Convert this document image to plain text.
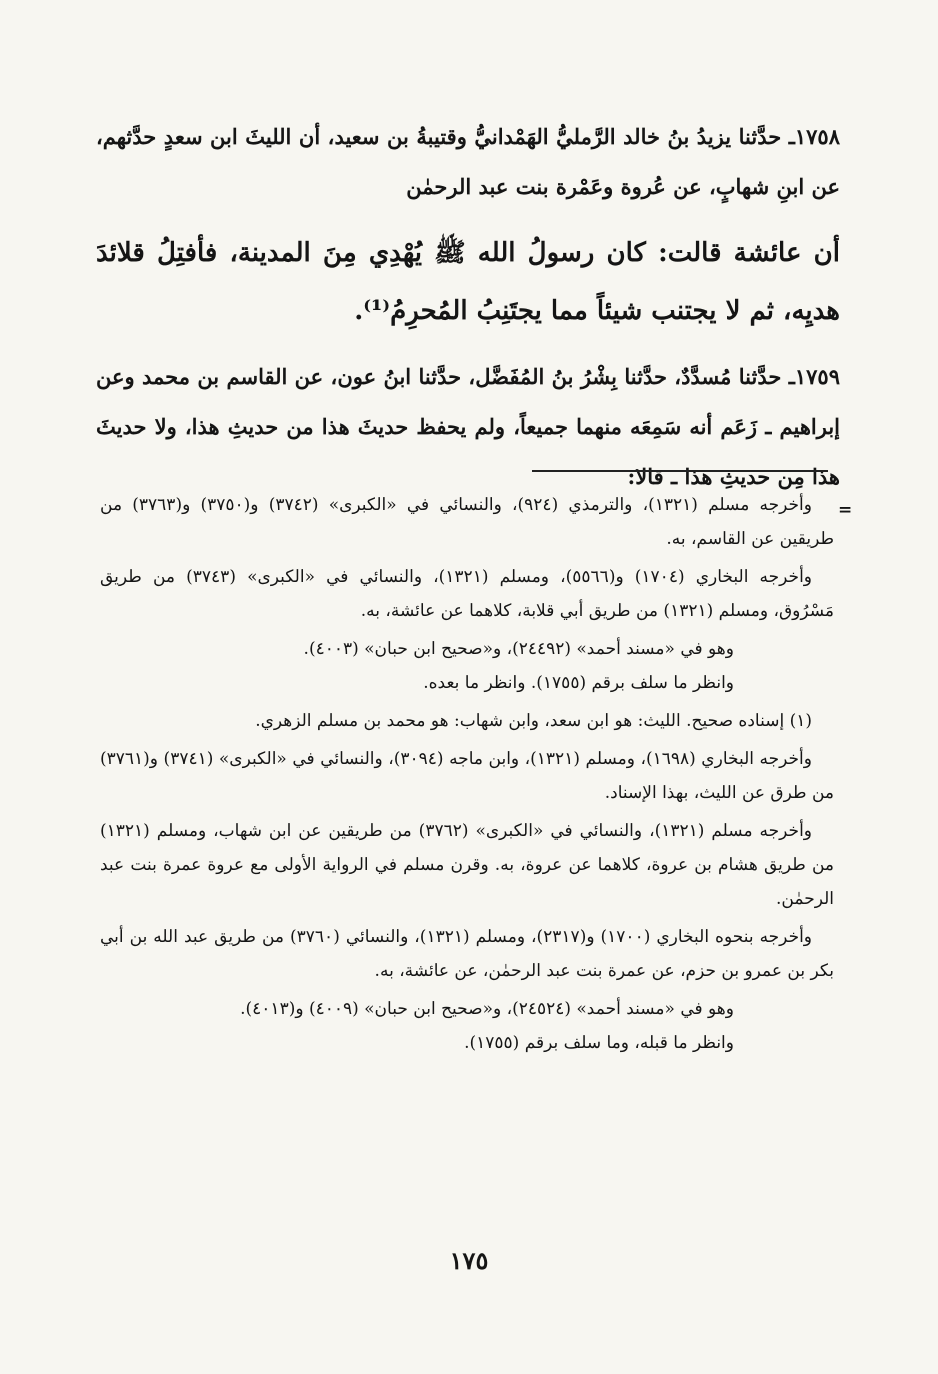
١٧٥٨ـ حدَّثنا يزيدُ بنُ خالد الرَّمليُّ الهَمْدانيُّ وقتيبةُ بن سعيد، أن الليثَ ابن سعدٍ حدَّثهم، عن ابنِ شهابٍ، عن عُروة وعَمْرة بنت عبد الرحمٰن

أن عائشة قالت: كان رسولُ الله ﷺ يُهْدِي مِنَ المدينة، فأفتِلُ قلائدَ هديِه، ثم لا يجتنب شيئاً مما يجتَنِبُ المُحرِمُ⁽¹⁾.

١٧٥٩ـ حدَّثنا مُسدَّدٌ، حدَّثنا بِشْرُ بنُ المُفَضَّل، حدَّثنا ابنُ عون، عن القاسم بن محمد وعن إبراهيم ـ زَعَم أنه سَمِعَه منهما جميعاً، ولم يحفظ حديثَ هذا من حديثِ هذا، ولا حديثَ هذا مِن حديثِ هذا ـ قالا:

=

وأخرجه مسلم (١٣٢١)، والترمذي (٩٢٤)، والنسائي في «الكبرى» (٣٧٤٢) و(٣٧٥٠) و(٣٧٦٣) من طريقين عن القاسم، به.

وأخرجه البخاري (١٧٠٤) و(٥٥٦٦)، ومسلم (١٣٢١)، والنسائي في «الكبرى» (٣٧٤٣) من طريق مَسْرُوق، ومسلم (١٣٢١) من طريق أبي قلابة، كلاهما عن عائشة، به.

وهو في «مسند أحمد» (٢٤٤٩٢)، و«صحيح ابن حبان» (٤٠٠٣).

وانظر ما سلف برقم (١٧٥٥). وانظر ما بعده.

(١) إسناده صحيح. الليث: هو ابن سعد، وابن شهاب: هو محمد بن مسلم الزهري.

وأخرجه البخاري (١٦٩٨)، ومسلم (١٣٢١)، وابن ماجه (٣٠٩٤)، والنسائي في «الكبرى» (٣٧٤١) و(٣٧٦١) من طرق عن الليث، بهذا الإسناد.

وأخرجه مسلم (١٣٢١)، والنسائي في «الكبرى» (٣٧٦٢) من طريقين عن ابن شهاب، ومسلم (١٣٢١) من طريق هشام بن عروة، كلاهما عن عروة، به. وقرن مسلم في الرواية الأولى مع عروة عمرة بنت عبد الرحمٰن.

وأخرجه بنحوه البخاري (١٧٠٠) و(٢٣١٧)، ومسلم (١٣٢١)، والنسائي (٣٧٦٠) من طريق عبد الله بن أبي بكر بن عمرو بن حزم، عن عمرة بنت عبد الرحمٰن، عن عائشة، به.

وهو في «مسند أحمد» (٢٤٥٢٤)، و«صحيح ابن حبان» (٤٠٠٩) و(٤٠١٣).

وانظر ما قبله، وما سلف برقم (١٧٥٥).

١٧٥
